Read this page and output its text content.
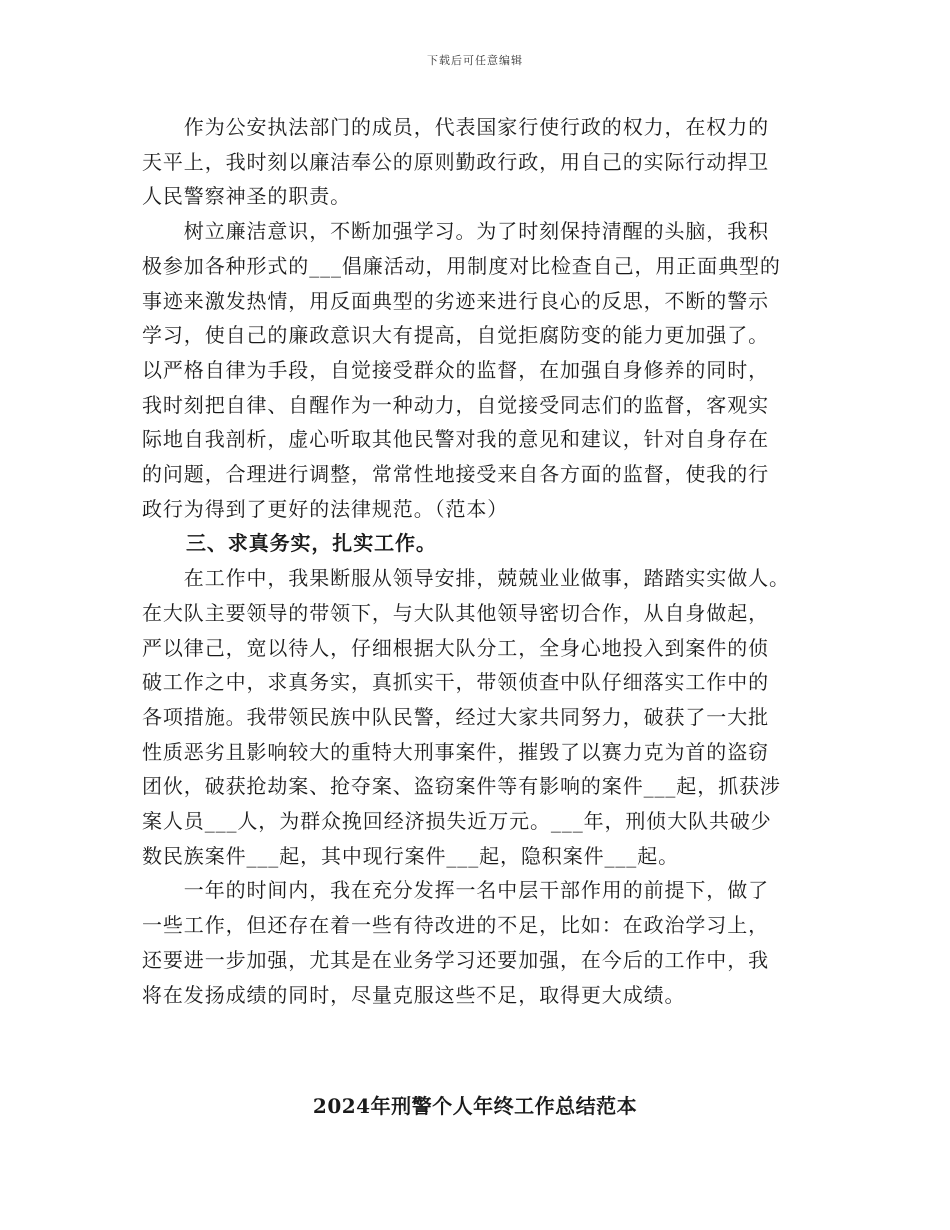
下载后可任意编辑

　　作为公安执法部门的成员，代表国家行使行政的权力，在权力的
天平上，我时刻以廉洁奉公的原则勤政行政，用自己的实际行动捍卫
人民警察神圣的职责。

　　树立廉洁意识，不断加强学习。为了时刻保持清醒的头脑，我积
极参加各种形式的___倡廉活动，用制度对比检查自己，用正面典型的
事迹来激发热情，用反面典型的劣迹来进行良心的反思，不断的警示
学习，使自己的廉政意识大有提高，自觉拒腐防变的能力更加强了。
以严格自律为手段，自觉接受群众的监督，在加强自身修养的同时，
我时刻把自律、自醒作为一种动力，自觉接受同志们的监督，客观实
际地自我剖析，虚心听取其他民警对我的意见和建议，针对自身存在
的问题，合理进行调整，常常性地接受来自各方面的监督，使我的行
政行为得到了更好的法律规范。（范本）

三、求真务实，扎实工作。

　　在工作中，我果断服从领导安排，兢兢业业做事，踏踏实实做人。
在大队主要领导的带领下，与大队其他领导密切合作，从自身做起，
严以律己，宽以待人，仔细根据大队分工，全身心地投入到案件的侦
破工作之中，求真务实，真抓实干，带领侦查中队仔细落实工作中的
各项措施。我带领民族中队民警，经过大家共同努力，破获了一大批
性质恶劣且影响较大的重特大刑事案件，摧毁了以赛力克为首的盗窃
团伙，破获抢劫案、抢夺案、盗窃案件等有影响的案件___起，抓获涉
案人员___人，为群众挽回经济损失近万元。___年，刑侦大队共破少
数民族案件___起，其中现行案件___起，隐积案件___起。

　　一年的时间内，我在充分发挥一名中层干部作用的前提下，做了
一些工作，但还存在着一些有待改进的不足，比如：在政治学习上，
还要进一步加强，尤其是在业务学习还要加强，在今后的工作中，我
将在发扬成绩的同时，尽量克服这些不足，取得更大成绩。

2024年刑警个人年终工作总结范本
